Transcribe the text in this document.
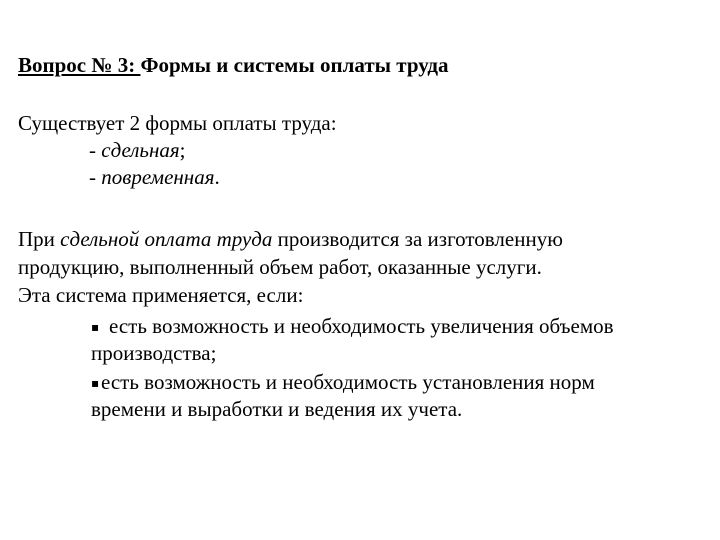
Вопрос № 3: Формы и системы оплаты труда
Существует 2 формы оплаты труда:
- сдельная;
- повременная.
При сдельной оплата труда производится за изготовленную
продукцию, выполненный объем работ, оказанные услуги.
Эта система применяется, если:
▪ есть возможность и необходимость увеличения объемов
производства;
▪есть возможность и необходимость установления норм
времени и выработки и ведения их учета.
